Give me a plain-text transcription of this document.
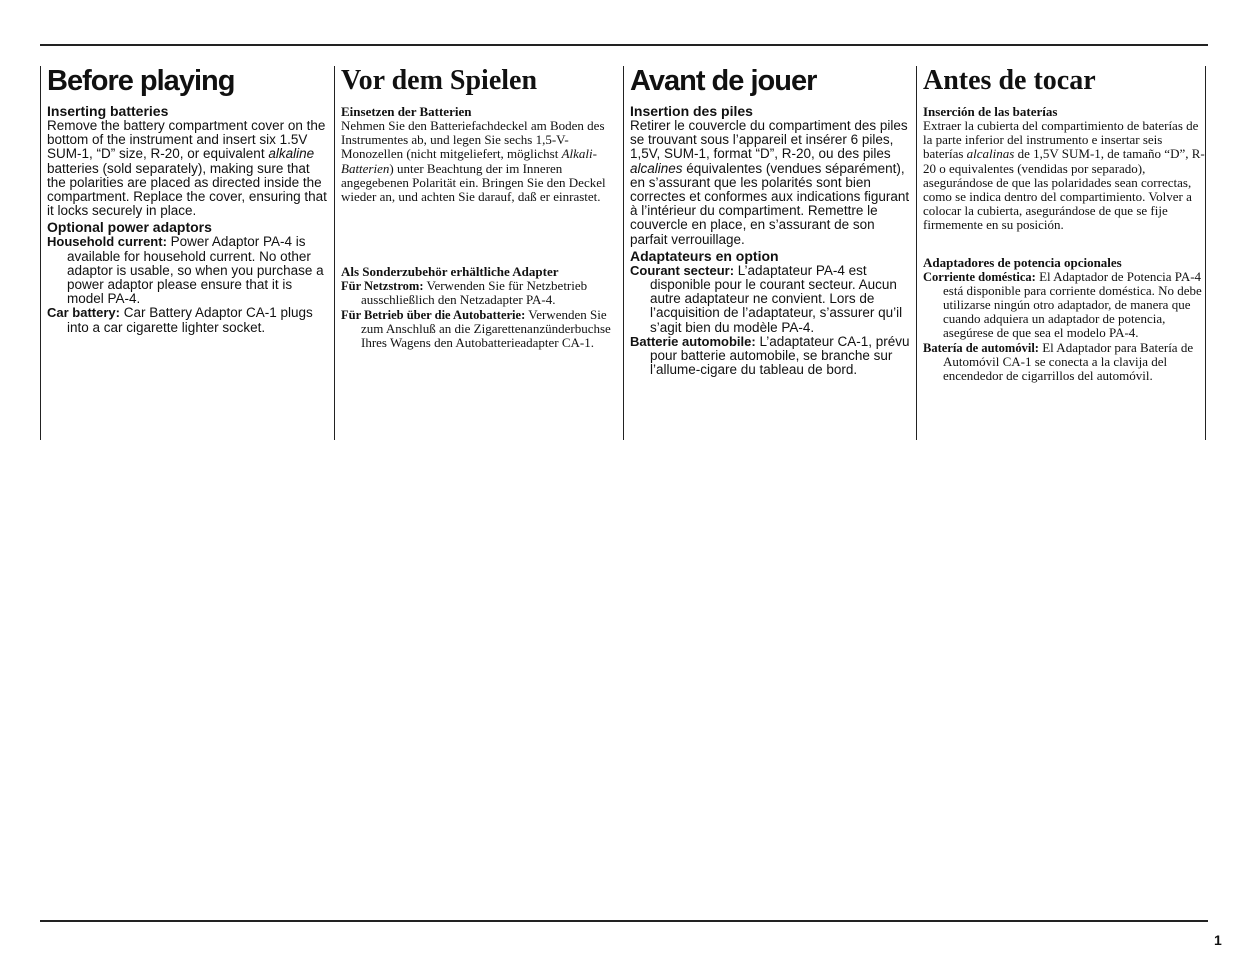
Before playing
Inserting batteries

Remove the battery compartment cover on the bottom of the instrument and insert six 1.5V SUM-1, “D” size, R-20, or equivalent alkaline batteries (sold separately), making sure that the polarities are placed as directed inside the compartment. Replace the cover, ensuring that it locks securely in place.

Optional power adaptors

Household current: Power Adaptor PA-4 is available for household current. No other adaptor is usable, so when you purchase a power adaptor please ensure that it is model PA-4.

Car battery: Car Battery Adaptor CA-1 plugs into a car cigarette lighter socket.

Vor dem Spielen
Einsetzen der Batterien

Nehmen Sie den Batteriefachdeckel am Boden des Instrumentes ab, und legen Sie sechs 1,5-V-Monozellen (nicht mitgeliefert, möglichst Alkali-Batterien) unter Beachtung der im Inneren angegebenen Polarität ein. Bringen Sie den Deckel wieder an, und achten Sie darauf, daß er einrastet.

Als Sonderzubehör erhältliche Adapter

Für Netzstrom: Verwenden Sie für Netzbetrieb ausschließlich den Netzadapter PA-4.

Für Betrieb über die Autobatterie: Verwenden Sie zum Anschluß an die Zigarettenanzünderbuchse Ihres Wagens den Autobatterieadapter CA-1.

Avant de jouer
Insertion des piles

Retirer le couvercle du compartiment des piles se trouvant sous l’appareil et insérer 6 piles, 1,5V, SUM-1, format “D”, R-20, ou des piles alcalines équivalentes (vendues séparément), en s’assurant que les polarités sont bien correctes et conformes aux indications figurant à l’intérieur du compartiment. Remettre le couvercle en place, en s’assurant de son parfait verrouillage.

Adaptateurs en option

Courant secteur: L’adaptateur PA-4 est disponible pour le courant secteur. Aucun autre adaptateur ne convient. Lors de l’acquisition de l’adaptateur, s’assurer qu’il s’agit bien du modèle PA-4.

Batterie automobile: L’adaptateur CA-1, prévu pour batterie automobile, se branche sur l’allume-cigare du tableau de bord.

Antes de tocar
Inserción de las baterías

Extraer la cubierta del compartimiento de baterías de la parte inferior del instrumento e insertar seis baterías alcalinas de 1,5V SUM-1, de tamaño “D”, R-20 o equivalentes (vendidas por separado), asegurándose de que las polaridades sean correctas, como se indica dentro del compartimiento. Volver a colocar la cubierta, asegurándose de que se fije firmemente en su posición.

Adaptadores de potencia opcionales

Corriente doméstica: El Adaptador de Potencia PA-4 está disponible para corriente doméstica. No debe utilizarse ningún otro adaptador, de manera que cuando adquiera un adaptador de potencia, asegúrese de que sea el modelo PA-4.

Batería de automóvil: El Adaptador para Batería de Automóvil CA-1 se conecta a la clavija del encendedor de cigarrillos del automóvil.

1
